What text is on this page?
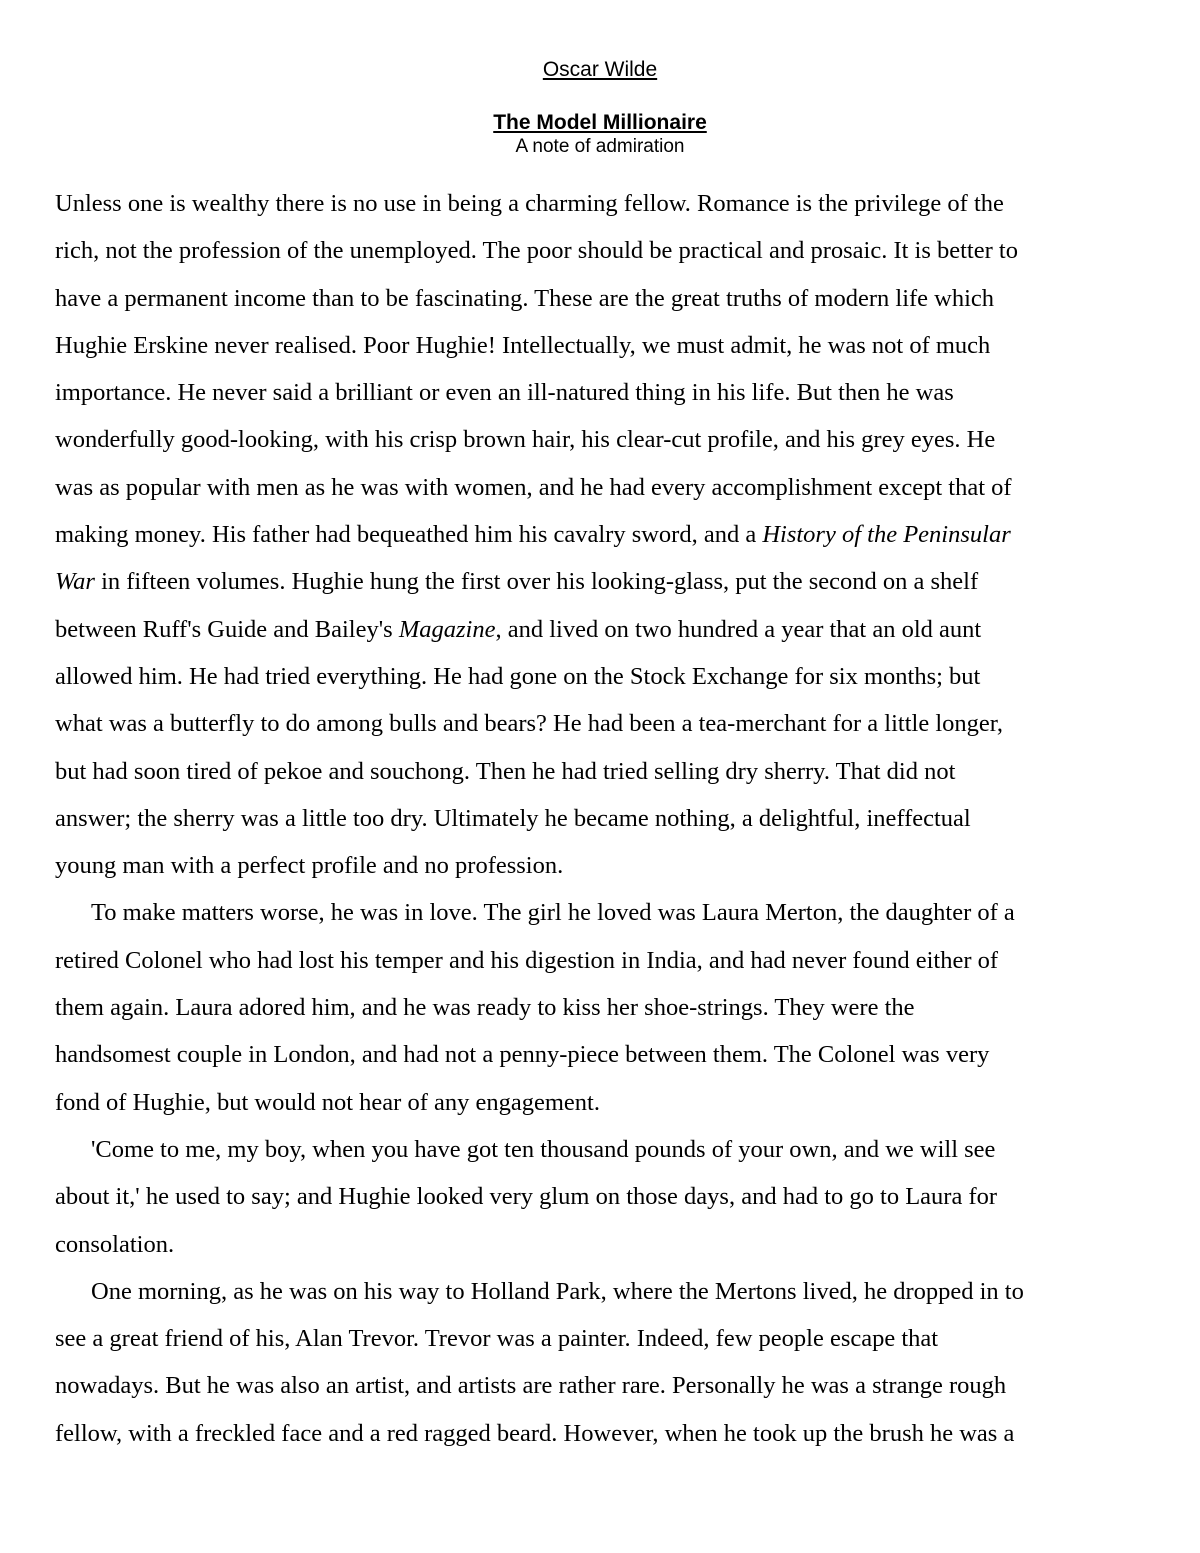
Oscar Wilde
The Model Millionaire
A note of admiration
Unless one is wealthy there is no use in being a charming fellow. Romance is the privilege of the
rich, not the profession of the unemployed. The poor should be practical and prosaic. It is better to
have a permanent income than to be fascinating. These are the great truths of modern life which
Hughie Erskine never realised. Poor Hughie! Intellectually, we must admit, he was not of much
importance. He never said a brilliant or even an ill-natured thing in his life. But then he was
wonderfully good-looking, with his crisp brown hair, his clear-cut profile, and his grey eyes. He
was as popular with men as he was with women, and he had every accomplishment except that of
making money. His father had bequeathed him his cavalry sword, and a History of the Peninsular
War in fifteen volumes. Hughie hung the first over his looking-glass, put the second on a shelf
between Ruff's Guide and Bailey's Magazine, and lived on two hundred a year that an old aunt
allowed him. He had tried everything. He had gone on the Stock Exchange for six months; but
what was a butterfly to do among bulls and bears? He had been a tea-merchant for a little longer,
but had soon tired of pekoe and souchong. Then he had tried selling dry sherry. That did not
answer; the sherry was a little too dry. Ultimately he became nothing, a delightful, ineffectual
young man with a perfect profile and no profession.
To make matters worse, he was in love. The girl he loved was Laura Merton, the daughter of a
retired Colonel who had lost his temper and his digestion in India, and had never found either of
them again. Laura adored him, and he was ready to kiss her shoe-strings. They were the
handsomest couple in London, and had not a penny-piece between them. The Colonel was very
fond of Hughie, but would not hear of any engagement.
'Come to me, my boy, when you have got ten thousand pounds of your own, and we will see
about it,' he used to say; and Hughie looked very glum on those days, and had to go to Laura for
consolation.
One morning, as he was on his way to Holland Park, where the Mertons lived, he dropped in to
see a great friend of his, Alan Trevor. Trevor was a painter. Indeed, few people escape that
nowadays. But he was also an artist, and artists are rather rare. Personally he was a strange rough
fellow, with a freckled face and a red ragged beard. However, when he took up the brush he was a
